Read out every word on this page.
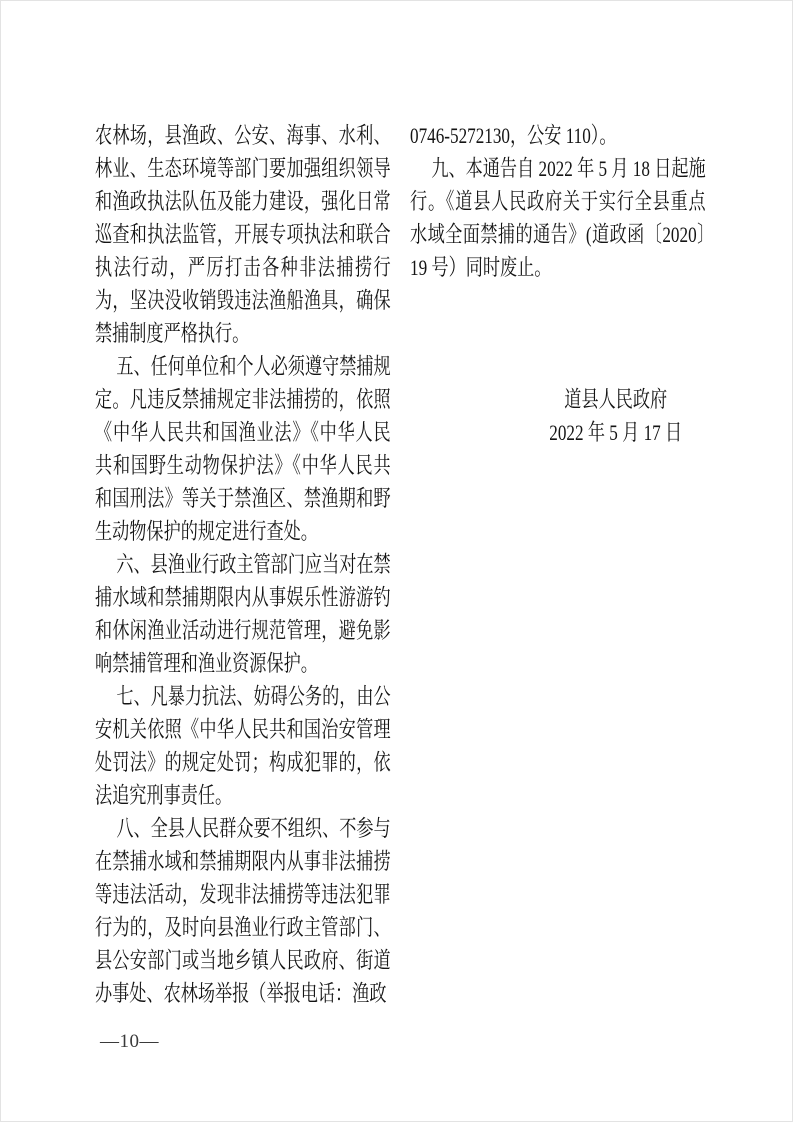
农林场，县渔政、公安、海事、水利、林业、生态环境等部门要加强组织领导和渔政执法队伍及能力建设，强化日常巡查和执法监管，开展专项执法和联合执法行动，严厉打击各种非法捕捞行为，坚决没收销毁违法渔船渔具，确保禁捕制度严格执行。

五、任何单位和个人必须遵守禁捕规定。凡违反禁捕规定非法捕捞的，依照《中华人民共和国渔业法》《中华人民共和国野生动物保护法》《中华人民共和国刑法》等关于禁渔区、禁渔期和野生动物保护的规定进行查处。

六、县渔业行政主管部门应当对在禁捕水域和禁捕期限内从事娱乐性游游钓和休闲渔业活动进行规范管理，避免影响禁捕管理和渔业资源保护。

七、凡暴力抗法、妨碍公务的，由公安机关依照《中华人民共和国治安管理处罚法》的规定处罚；构成犯罪的，依法追究刑事责任。

八、全县人民群众要不组织、不参与在禁捕水域和禁捕期限内从事非法捕捞等违法活动，发现非法捕捞等违法犯罪行为的，及时向县渔业行政主管部门、县公安部门或当地乡镇人民政府、街道办事处、农林场举报（举报电话：渔政

0746-5272130，公安 110）。

九、本通告自 2022 年 5 月 18 日起施行。《道县人民政府关于实行全县重点水域全面禁捕的通告》(道政函〔2020〕19 号）同时废止。

道县人民政府
2022 年 5 月 17 日
—10—
